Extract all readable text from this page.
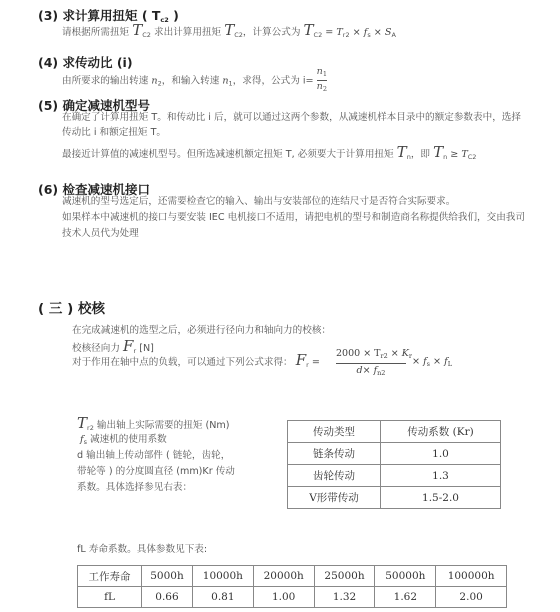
(3) 求计算用扭矩 ( $T_{c2}$ )
请根据所需扭矩 $T_{C2}$ 求出计算用扭矩 $T_{C2}$，计算公式为 $T_{C2} = T_{r2} \times f_s \times S_A$
(4) 求传动比 (i)
由所要求的输出转速 $n_2$，和输入转速 $n_1$，求得，公式为 $i= \frac{n_1}{n_2}$
(5) 确定减速机型号
在确定了计算用扭矩 T。和传动比 i 后，就可以通过这两个参数，从减速机样本目录中的额定参数表中，选择
传动比 i 和额定扭矩 T。
最接近计算值的减速机型号。但所选减速机额定扭矩 T, 必须要大于计算用扭矩 $T_n$，即 $T_n \ge T_{C2}$
(6) 检查减速机接口
减速机的型号选定后，还需要检查它的输入、输出与安装部位的连结尺寸是否符合实际要求。
如果样本中减速机的接口与要安装 IEC 电机接口不适用，请把电机的型号和制造商名称提供给我们，交由我司
技术人员代为处理
( 三 ) 校核
在完成减速机的选型之后，必须进行径向力和轴向力的校核：
校核径向力 $F_r$ [N]
对于作用在轴中点的负载，可以通过下列公式求得： $F_r$ =
$2000 \times T_{r2} \times K_r$
$d\times f_{n2}$
× $f_s \times f_L$
$T_{r2}$ 输出轴上实际需要的扭矩 (Nm)
$f_s$ 减速机的使用系数
d 输出轴上传动部件 ( 链轮，齿轮，
带轮等 ) 的分度圆直径 (mm)Kr 传动
系数。具体选择参见右表：
传动类型	传动系数 (Kr)
链条传动	1.0
齿轮传动	1.3
V形带传动	1.5-2.0
fL 寿命系数。具体参数见下表:
工作寿命	5000h	10000h	20000h	25000h	50000h	100000h
fL	0.66	0.81	1.00	1.32	1.62	2.00
